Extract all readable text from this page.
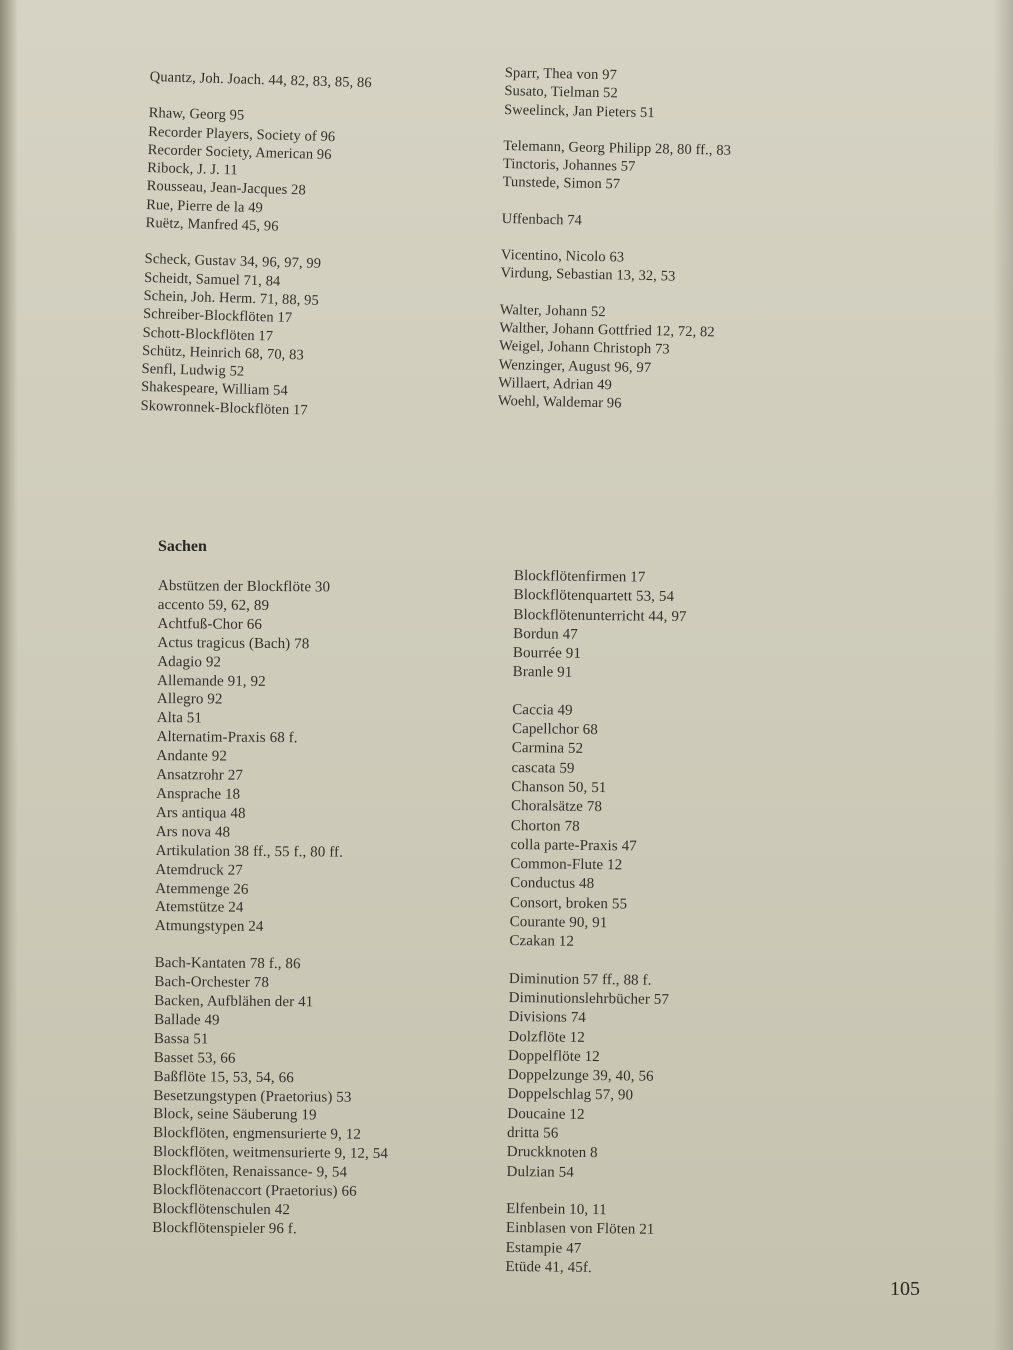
Quantz, Joh. Joach. 44, 82, 83, 85, 86
Rhaw, Georg 95
Recorder Players, Society of 96
Recorder Society, American 96
Ribock, J. J. 11
Rousseau, Jean-Jacques 28
Rue, Pierre de la 49
Ruëtz, Manfred 45, 96
Scheck, Gustav 34, 96, 97, 99
Scheidt, Samuel 71, 84
Schein, Joh. Herm. 71, 88, 95
Schreiber-Blockflöten 17
Schott-Blockflöten 17
Schütz, Heinrich 68, 70, 83
Senfl, Ludwig 52
Shakespeare, William 54
Skowronnek-Blockflöten 17
Sparr, Thea von 97
Susato, Tielman 52
Sweelinck, Jan Pieters 51
Telemann, Georg Philipp 28, 80 ff., 83
Tinctoris, Johannes 57
Tunstede, Simon 57
Uffenbach 74
Vicentino, Nicolo 63
Virdung, Sebastian 13, 32, 53
Walter, Johann 52
Walther, Johann Gottfried 12, 72, 82
Weigel, Johann Christoph 73
Wenzinger, August 96, 97
Willaert, Adrian 49
Woehl, Waldemar 96
Sachen
Abstützen der Blockflöte 30
accento 59, 62, 89
Achtfuß-Chor 66
Actus tragicus (Bach) 78
Adagio 92
Allemande 91, 92
Allegro 92
Alta 51
Alternatim-Praxis 68 f.
Andante 92
Ansatzrohr 27
Ansprache 18
Ars antiqua 48
Ars nova 48
Artikulation 38 ff., 55 f., 80 ff.
Atemdruck 27
Atemmenge 26
Atemstütze 24
Atmungstypen 24
Bach-Kantaten 78 f., 86
Bach-Orchester 78
Backen, Aufblähen der 41
Ballade 49
Bassa 51
Basset 53, 66
Baßflöte 15, 53, 54, 66
Besetzungstypen (Praetorius) 53
Block, seine Säuberung 19
Blockflöten, engmensurierte 9, 12
Blockflöten, weitmensurierte 9, 12, 54
Blockflöten, Renaissance- 9, 54
Blockflötenaccort (Praetorius) 66
Blockflötenschulen 42
Blockflötenspieler 96 f.
Blockflötenfirmen 17
Blockflötenquartett 53, 54
Blockflötenunterricht 44, 97
Bordun 47
Bourrée 91
Branle 91
Caccia 49
Capellchor 68
Carmina 52
cascata 59
Chanson 50, 51
Choralsätze 78
Chorton 78
colla parte-Praxis 47
Common-Flute 12
Conductus 48
Consort, broken 55
Courante 90, 91
Czakan 12
Diminution 57 ff., 88 f.
Diminutionslehrbücher 57
Divisions 74
Dolzflöte 12
Doppelflöte 12
Doppelzunge 39, 40, 56
Doppelschlag 57, 90
Doucaine 12
dritta 56
Druckknoten 8
Dulzian 54
Elfenbein 10, 11
Einblasen von Flöten 21
Estampie 47
Etüde 41, 45f.
105
